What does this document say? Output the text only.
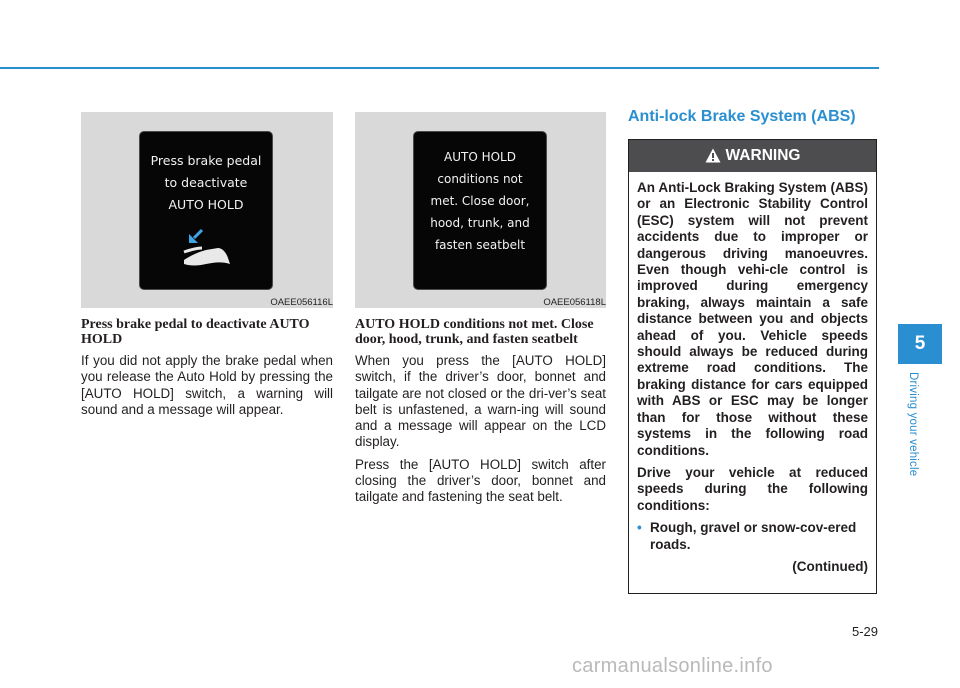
Press brake pedal
to deactivate
AUTO HOLD
OAEE056116L
AUTO HOLD
conditions not
met. Close door,
hood, trunk, and
fasten seatbelt
OAEE056118L
Press brake pedal to deactivate AUTO HOLD

If you did not apply the brake pedal when you release the Auto Hold by pressing the [AUTO HOLD] switch, a warning will sound and a message will appear.

AUTO HOLD conditions not met. Close door, hood, trunk, and fasten seatbelt

When you press the [AUTO HOLD] switch, if the driver’s door, bonnet and tailgate are not closed or the dri-ver’s seat belt is unfastened, a warn-ing will sound and a message will appear on the LCD display.

Press the [AUTO HOLD] switch after closing the driver’s door, bonnet and tailgate and fastening the seat belt.

Anti-lock Brake System (ABS)
WARNING

An Anti-Lock Braking System (ABS) or an Electronic Stability Control (ESC) system will not prevent accidents due to improper or dangerous driving manoeuvres. Even though vehi-cle control is improved during emergency braking, always maintain a safe distance between you and objects ahead of you. Vehicle speeds should always be reduced during extreme road conditions. The braking distance for cars equipped with ABS or ESC may be longer than for those without these systems in the following road conditions.

Drive your vehicle at reduced speeds during the following conditions:

• Rough, gravel or snow-cov-ered roads.
(Continued)
5
Driving your vehicle
5-29
carmanualsonline.info
